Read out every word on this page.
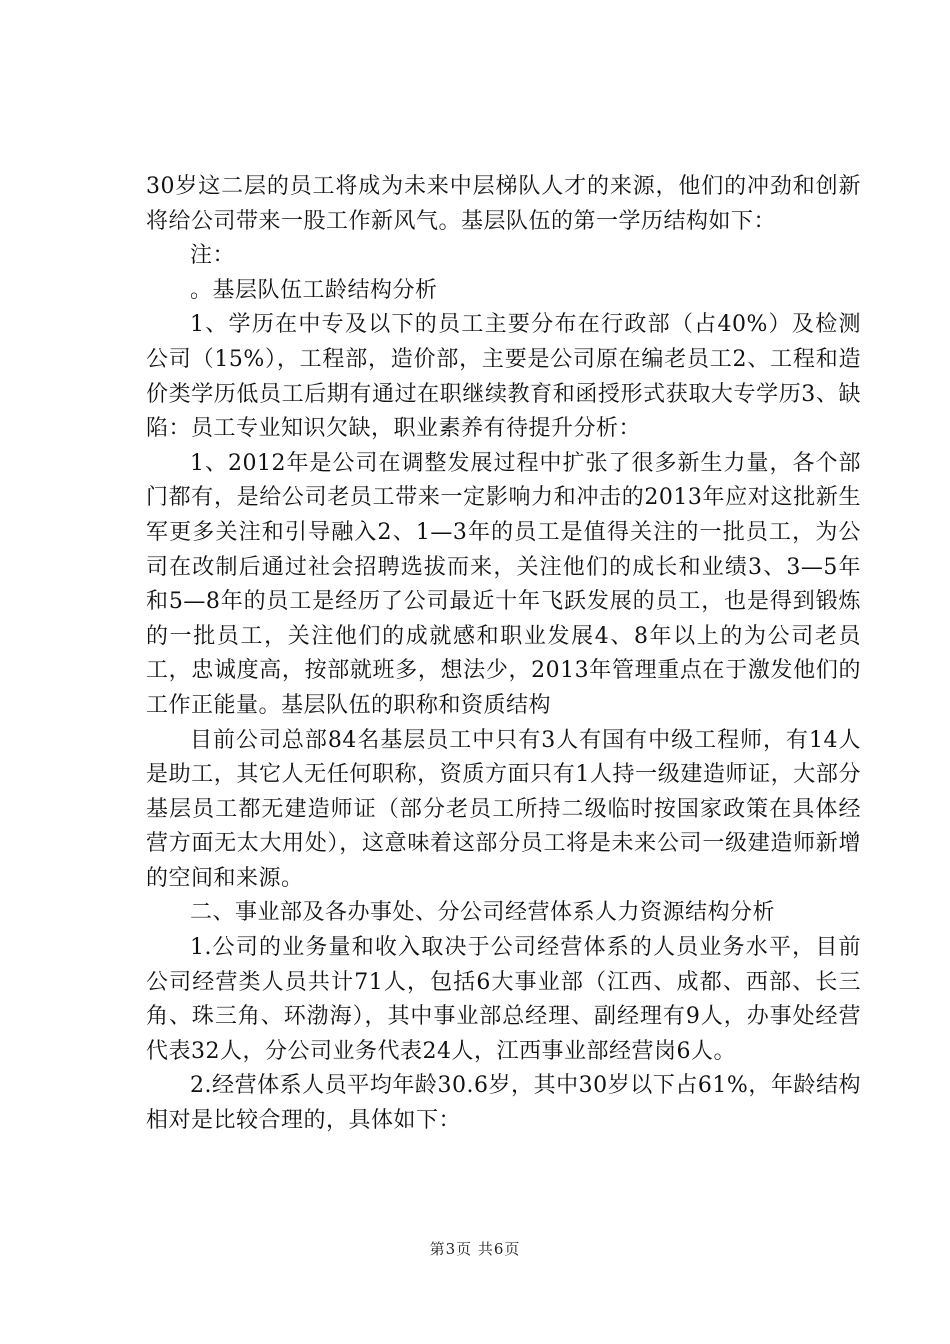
30岁这二层的员工将成为未来中层梯队人才的来源，他们的冲劲和创新将给公司带来一股工作新风气。基层队伍的第一学历结构如下：

注：

。基层队伍工龄结构分析

1、学历在中专及以下的员工主要分布在行政部（占40%）及检测公司（15%），工程部，造价部，主要是公司原在编老员工2、工程和造价类学历低员工后期有通过在职继续教育和函授形式获取大专学历3、缺陷：员工专业知识欠缺，职业素养有待提升分析：

1、2012年是公司在调整发展过程中扩张了很多新生力量，各个部门都有，是给公司老员工带来一定影响力和冲击的2013年应对这批新生军更多关注和引导融入2、1—3年的员工是值得关注的一批员工，为公司在改制后通过社会招聘选拔而来，关注他们的成长和业绩3、3—5年和5—8年的员工是经历了公司最近十年飞跃发展的员工，也是得到锻炼的一批员工，关注他们的成就感和职业发展4、8年以上的为公司老员工，忠诚度高，按部就班多，想法少，2013年管理重点在于激发他们的工作正能量。基层队伍的职称和资质结构

目前公司总部84名基层员工中只有3人有国有中级工程师，有14人是助工，其它人无任何职称，资质方面只有1人持一级建造师证，大部分基层员工都无建造师证（部分老员工所持二级临时按国家政策在具体经营方面无太大用处），这意味着这部分员工将是未来公司一级建造师新增的空间和来源。

二、事业部及各办事处、分公司经营体系人力资源结构分析

1.公司的业务量和收入取决于公司经营体系的人员业务水平，目前公司经营类人员共计71人，包括6大事业部（江西、成都、西部、长三角、珠三角、环渤海），其中事业部总经理、副经理有9人，办事处经营代表32人，分公司业务代表24人，江西事业部经营岗6人。

2.经营体系人员平均年龄30.6岁，其中30岁以下占61%，年龄结构相对是比较合理的，具体如下：

第3页 共6页
